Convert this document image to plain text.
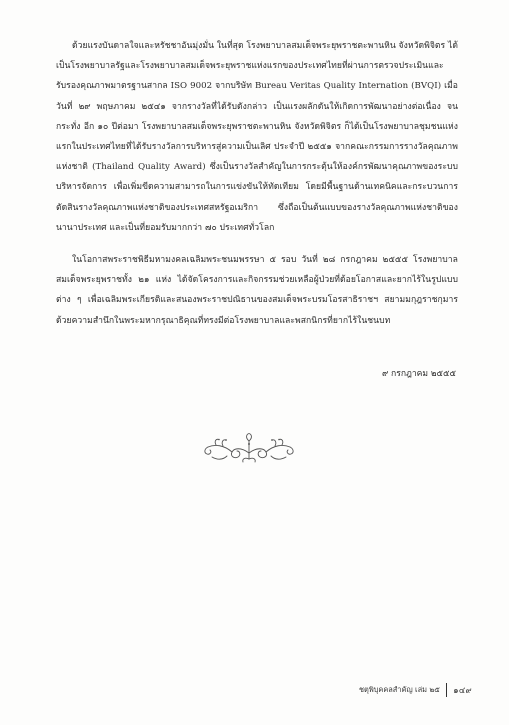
ด้วยแรงบันดาลใจและหรัชชาอันมุ่งมั่น ในที่สุด โรงพยาบาลสมเด็จพระยุพราชตะพานหิน จังหวัดพิจิตร ได้เป็นโรงพยาบาลรัฐและโรงพยาบาลสมเด็จพระยุพราชแห่งแรกของประเทศไทยที่ผ่านการตรวจประเมินและรับรองคุณภาพมาตรฐานสากล ISO 9002 จากบริษัท Bureau Veritas Quality Internation (BVQI) เมื่อวันที่ ๒๙ พฤษภาคม ๒๕๔๑ จากรางวัลที่ได้รับดังกล่าว เป็นแรงผลักดันให้เกิดการพัฒนาอย่างต่อเนื่อง จนกระทั่ง อีก ๑๐ ปีต่อมา โรงพยาบาลสมเด็จพระยุพราชตะพานหิน จังหวัดพิจิตร ก็ได้เป็นโรงพยาบาลชุมชนแห่งแรกในประเทศไทยที่ได้รับรางวัลการบริหารสู่ความเป็นเลิศ ประจำปี ๒๕๕๑ จากคณะกรรมการรางวัลคุณภาพแห่งชาติ (Thailand Quality Award) ซึ่งเป็นรางวัลสำคัญในการกระตุ้นให้องค์กรพัฒนาคุณภาพของระบบบริหารจัดการ เพื่อเพิ่มขีดความสามารถในการแข่งขันให้ทัดเทียม โดยมีพื้นฐานด้านเทคนิคและกระบวนการตัดสินรางวัลคุณภาพแห่งชาติของประเทศสหรัฐอเมริกา ซึ่งถือเป็นต้นแบบของรางวัลคุณภาพแห่งชาติของนานาประเทศ และเป็นที่ยอมรับมากกว่า ๗๐ ประเทศทั่วโลก

ในโอกาสพระราชพิธีมหามงคลเฉลิมพระชนมพรรษา ๕ รอบ วันที่ ๒๘ กรกฎาคม ๒๕๕๕ โรงพยาบาลสมเด็จพระยุพราชทั้ง ๒๑ แห่ง ได้จัดโครงการและกิจกรรมช่วยเหลือผู้ป่วยที่ด้อยโอกาสและยากไร้ในรูปแบบต่าง ๆ เพื่อเฉลิมพระเกียรติและสนองพระราชปณิธานของสมเด็จพระบรมโอรสาธิราชฯ สยามมกุฎราชกุมาร ด้วยความสำนึกในพระมหากรุณาธิคุณที่ทรงมีต่อโรงพยาบาลและพสกนิกรที่ยากไร้ในชนบท

๙ กรกฎาคม ๒๕๕๕
ชตุพิบุคคลสำคัญ เล่ม ๒๕ ๑๔๙
